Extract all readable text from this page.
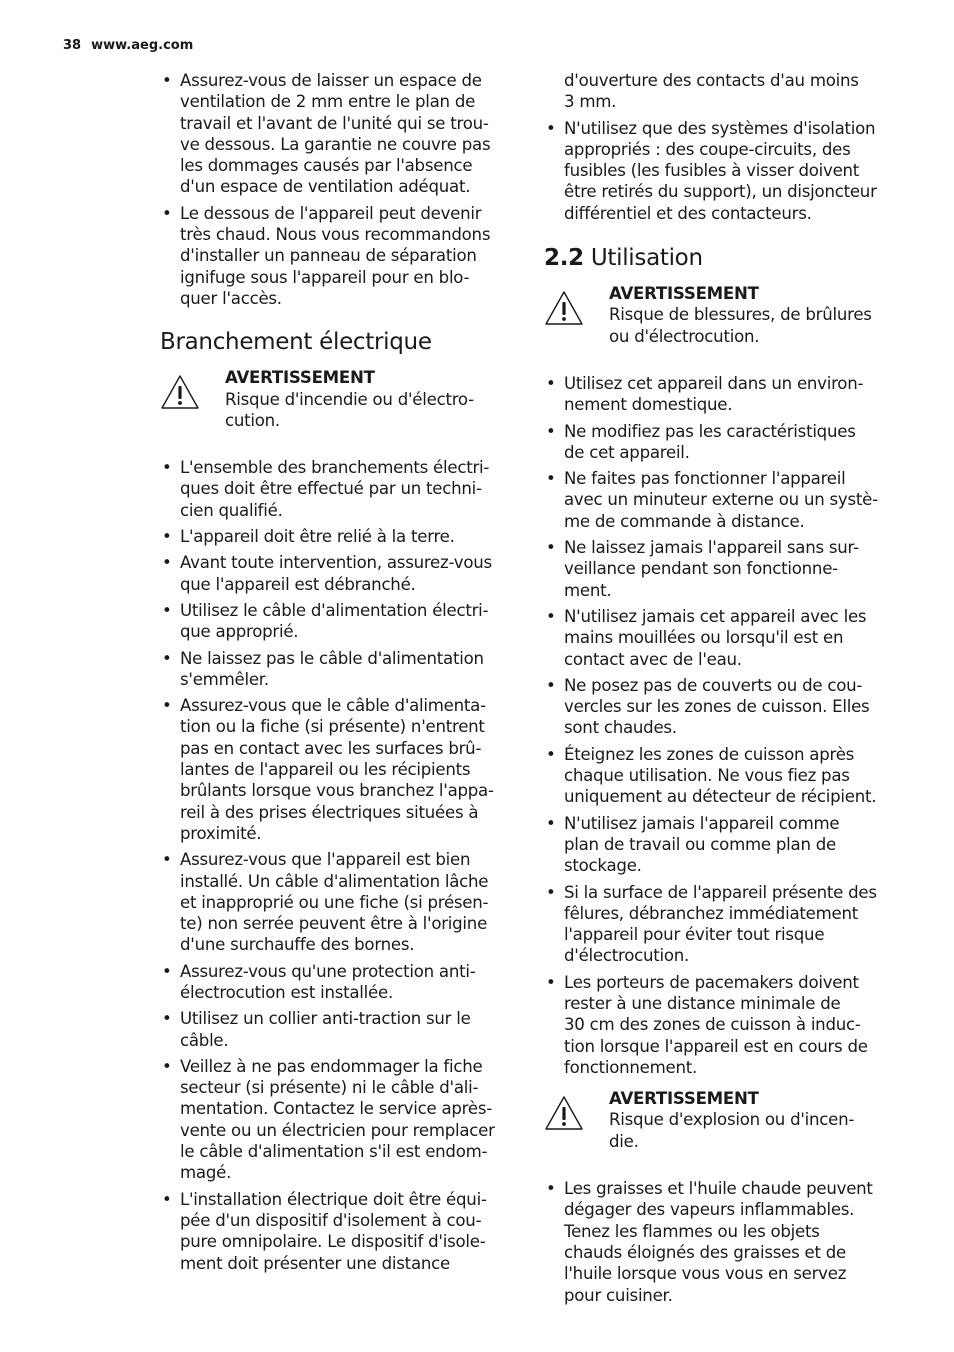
38 www.aeg.com
• Assurez-vous de laisser un espace de
ventilation de 2 mm entre le plan de
travail et l'avant de l'unité qui se trou-
ve dessous. La garantie ne couvre pas
les dommages causés par l'absence
d'un espace de ventilation adéquat.
• Le dessous de l'appareil peut devenir
très chaud. Nous vous recommandons
d'installer un panneau de séparation
ignifuge sous l'appareil pour en blo-
quer l'accès.
Branchement électrique
AVERTISSEMENT
Risque d'incendie ou d'électro-
cution.
• L'ensemble des branchements électri-
ques doit être effectué par un techni-
cien qualifié.
• L'appareil doit être relié à la terre.
• Avant toute intervention, assurez-vous
que l'appareil est débranché.
• Utilisez le câble d'alimentation électri-
que approprié.
• Ne laissez pas le câble d'alimentation
s'emmêler.
• Assurez-vous que le câble d'alimenta-
tion ou la fiche (si présente) n'entrent
pas en contact avec les surfaces brû-
lantes de l'appareil ou les récipients
brûlants lorsque vous branchez l'appa-
reil à des prises électriques situées à
proximité.
• Assurez-vous que l'appareil est bien
installé. Un câble d'alimentation lâche
et inapproprié ou une fiche (si présen-
te) non serrée peuvent être à l'origine
d'une surchauffe des bornes.
• Assurez-vous qu'une protection anti-
électrocution est installée.
• Utilisez un collier anti-traction sur le
câble.
• Veillez à ne pas endommager la fiche
secteur (si présente) ni le câble d'ali-
mentation. Contactez le service après-
vente ou un électricien pour remplacer
le câble d'alimentation s'il est endom-
magé.
• L'installation électrique doit être équi-
pée d'un dispositif d'isolement à cou-
pure omnipolaire. Le dispositif d'isole-
ment doit présenter une distance
d'ouverture des contacts d'au moins
3 mm.
• N'utilisez que des systèmes d'isolation
appropriés : des coupe-circuits, des
fusibles (les fusibles à visser doivent
être retirés du support), un disjoncteur
différentiel et des contacteurs.
2.2 Utilisation
AVERTISSEMENT
Risque de blessures, de brûlures
ou d'électrocution.
• Utilisez cet appareil dans un environ-
nement domestique.
• Ne modifiez pas les caractéristiques
de cet appareil.
• Ne faites pas fonctionner l'appareil
avec un minuteur externe ou un systè-
me de commande à distance.
• Ne laissez jamais l'appareil sans sur-
veillance pendant son fonctionne-
ment.
• N'utilisez jamais cet appareil avec les
mains mouillées ou lorsqu'il est en
contact avec de l'eau.
• Ne posez pas de couverts ou de cou-
vercles sur les zones de cuisson. Elles
sont chaudes.
• Éteignez les zones de cuisson après
chaque utilisation. Ne vous fiez pas
uniquement au détecteur de récipient.
• N'utilisez jamais l'appareil comme
plan de travail ou comme plan de
stockage.
• Si la surface de l'appareil présente des
fêlures, débranchez immédiatement
l'appareil pour éviter tout risque
d'électrocution.
• Les porteurs de pacemakers doivent
rester à une distance minimale de
30 cm des zones de cuisson à induc-
tion lorsque l'appareil est en cours de
fonctionnement.
AVERTISSEMENT
Risque d'explosion ou d'incen-
die.
• Les graisses et l'huile chaude peuvent
dégager des vapeurs inflammables.
Tenez les flammes ou les objets
chauds éloignés des graisses et de
l'huile lorsque vous vous en servez
pour cuisiner.
